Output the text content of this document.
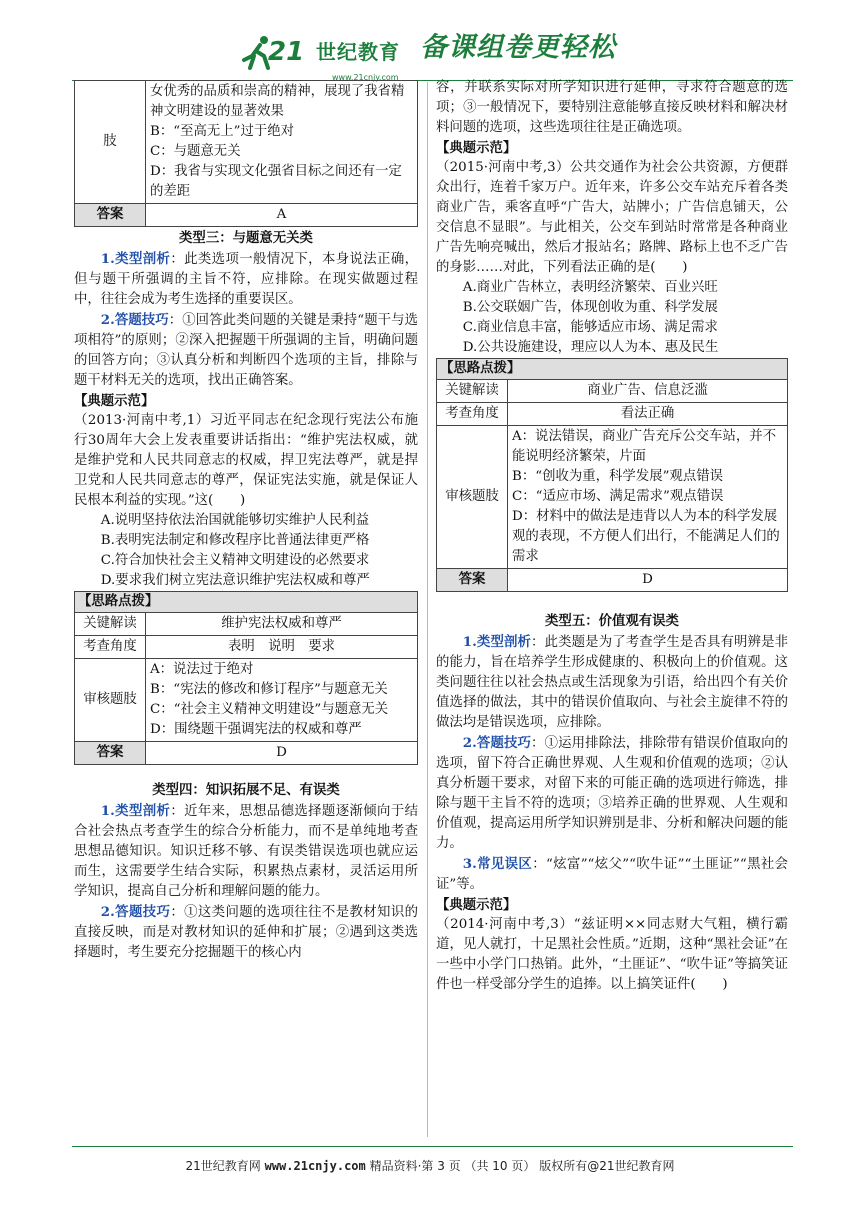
21 世纪教育
www.21cnjy.com
备课组卷更轻松
肢	女优秀的品质和崇高的精神，展现了我省精神文明建设的显著效果
B：“至高无上”过于绝对
C：与题意无关
D：我省与实现文化强省目标之间还有一定的差距

答案	A
类型三：与题意无关类

1.类型剖析：此类选项一般情况下，本身说法正确，但与题干所强调的主旨不符，应排除。在现实做题过程中，往往会成为考生选择的重要误区。

2.答题技巧：①回答此类问题的关键是秉持“题干与选项相符”的原则；②深入把握题干所强调的主旨，明确问题的回答方向；③认真分析和判断四个选项的主旨，排除与题干材料无关的选项，找出正确答案。

【典题示范】

（2013·河南中考,1）习近平同志在纪念现行宪法公布施行30周年大会上发表重要讲话指出：“维护宪法权威，就是维护党和人民共同意志的权威，捍卫宪法尊严，就是捍卫党和人民共同意志的尊严，保证宪法实施，就是保证人民根本利益的实现。”这(　　)

A.说明坚持依法治国就能够切实维护人民利益

B.表明宪法制定和修改程序比普通法律更严格

C.符合加快社会主义精神文明建设的必然要求

D.要求我们树立宪法意识维护宪法权威和尊严

【思路点拨】
关键解读	维护宪法权威和尊严
考查角度	表明　说明　要求
审核题肢	A：说法过于绝对
B：“宪法的修改和修订程序”与题意无关
C：“社会主义精神文明建设”与题意无关
D：围绕题干强调宪法的权威和尊严

答案	D
类型四：知识拓展不足、有误类

1.类型剖析：近年来，思想品德选择题逐渐倾向于结合社会热点考查学生的综合分析能力，而不是单纯地考查思想品德知识。知识迁移不够、有误类错误选项也就应运而生，这需要学生结合实际，积累热点素材，灵活运用所学知识，提高自己分析和理解问题的能力。

2.答题技巧：①这类问题的选项往往不是教材知识的直接反映，而是对教材知识的延伸和扩展；②遇到这类选择题时，考生要充分挖掘题干的核心内

容，并联系实际对所学知识进行延伸，寻求符合题意的选项；③一般情况下，要特别注意能够直接反映材料和解决材料问题的选项，这些选项往往是正确选项。

【典题示范】

（2015·河南中考,3）公共交通作为社会公共资源，方便群众出行，连着千家万户。近年来，许多公交车站充斥着各类商业广告，乘客直呼“广告大，站牌小；广告信息铺天，公交信息不显眼”。与此相关，公交车到站时常常是各种商业广告先响亮喊出，然后才报站名；路牌、路标上也不乏广告的身影……对此，下列看法正确的是(　　)

A.商业广告林立，表明经济繁荣、百业兴旺

B.公交联姻广告，体现创收为重、科学发展

C.商业信息丰富，能够适应市场、满足需求

D.公共设施建设，理应以人为本、惠及民生

【思路点拨】
关键解读	商业广告、信息泛滥
考查角度	看法正确
审核题肢	A：说法错误，商业广告充斥公交车站，并不能说明经济繁荣，片面
B：“创收为重，科学发展”观点错误
C：“适应市场、满足需求”观点错误
D：材料中的做法是违背以人为本的科学发展观的表现，不方便人们出行，不能满足人们的需求

答案	D
类型五：价值观有误类

1.类型剖析：此类题是为了考查学生是否具有明辨是非的能力，旨在培养学生形成健康的、积极向上的价值观。这类问题往往以社会热点或生活现象为引语，给出四个有关价值选择的做法，其中的错误价值取向、与社会主旋律不符的做法均是错误选项，应排除。

2.答题技巧：①运用排除法，排除带有错误价值取向的选项，留下符合正确世界观、人生观和价值观的选项；②认真分析题干要求，对留下来的可能正确的选项进行筛选，排除与题干主旨不符的选项；③培养正确的世界观、人生观和价值观，提高运用所学知识辨别是非、分析和解决问题的能力。

3.常见误区：“炫富”“炫父”“吹牛证”“土匪证”“黑社会证”等。

【典题示范】

（2014·河南中考,3）“兹证明××同志财大气粗，横行霸道，见人就打，十足黑社会性质。”近期，这种“黑社会证”在一些中小学门口热销。此外，“土匪证”、“吹牛证”等搞笑证件也一样受部分学生的追捧。以上搞笑证件(　　)

21世纪教育网 www.21cnjy.com 精品资料·第 3 页 （共 10 页） 版权所有@21世纪教育网
